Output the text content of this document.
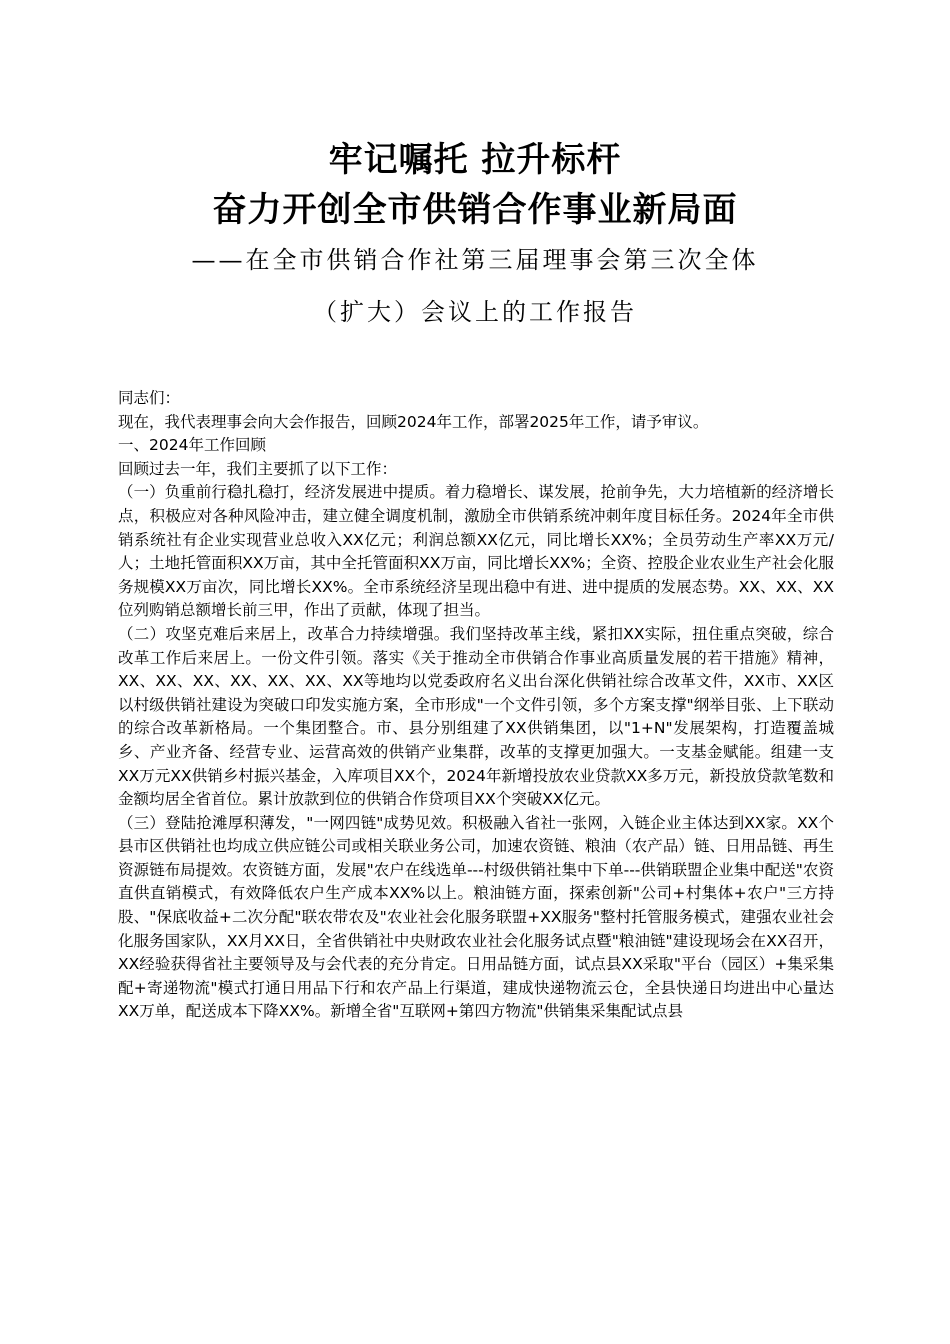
牢记嘱托 拉升标杆
奋力开创全市供销合作事业新局面
——在全市供销合作社第三届理事会第三次全体
（扩大）会议上的工作报告

同志们：

现在，我代表理事会向大会作报告，回顾2024年工作，部署2025年工作，请予审议。

一、2024年工作回顾

回顾过去一年，我们主要抓了以下工作：

（一）负重前行稳扎稳打，经济发展进中提质。着力稳增长、谋发展，抢前争先，大力培植新的经济增长点，积极应对各种风险冲击，建立健全调度机制，激励全市供销系统冲刺年度目标任务。2024年全市供销系统社有企业实现营业总收入XX亿元；利润总额XX亿元，同比增长XX%；全员劳动生产率XX万元/人；土地托管面积XX万亩，其中全托管面积XX万亩，同比增长XX%；全资、控股企业农业生产社会化服务规模XX万亩次，同比增长XX%。全市系统经济呈现出稳中有进、进中提质的发展态势。XX、XX、XX位列购销总额增长前三甲，作出了贡献，体现了担当。

（二）攻坚克难后来居上，改革合力持续增强。我们坚持改革主线，紧扣XX实际，扭住重点突破，综合改革工作后来居上。一份文件引领。落实《关于推动全市供销合作事业高质量发展的若干措施》精神，XX、XX、XX、XX、XX、XX、XX等地均以党委政府名义出台深化供销社综合改革文件，XX市、XX区以村级供销社建设为突破口印发实施方案，全市形成"一个文件引领，多个方案支撑"纲举目张、上下联动的综合改革新格局。一个集团整合。市、县分别组建了XX供销集团，以"1+N"发展架构，打造覆盖城乡、产业齐备、经营专业、运营高效的供销产业集群，改革的支撑更加强大。一支基金赋能。组建一支XX万元XX供销乡村振兴基金，入库项目XX个，2024年新增投放农业贷款XX多万元，新投放贷款笔数和金额均居全省首位。累计放款到位的供销合作贷项目XX个突破XX亿元。

（三）登陆抢滩厚积薄发，"一网四链"成势见效。积极融入省社一张网，入链企业主体达到XX家。XX个县市区供销社也均成立供应链公司或相关联业务公司，加速农资链、粮油（农产品）链、日用品链、再生资源链布局提效。农资链方面，发展"农户在线选单---村级供销社集中下单---供销联盟企业集中配送"农资直供直销模式，有效降低农户生产成本XX%以上。粮油链方面，探索创新"公司+村集体+农户"三方持股、"保底收益+二次分配"联农带农及"农业社会化服务联盟+XX服务"整村托管服务模式，建强农业社会化服务国家队，XX月XX日，全省供销社中央财政农业社会化服务试点暨"粮油链"建设现场会在XX召开，XX经验获得省社主要领导及与会代表的充分肯定。日用品链方面，试点县XX采取"平台（园区）+集采集配+寄递物流"模式打通日用品下行和农产品上行渠道，建成快递物流云仓，全县快递日均进出中心量达XX万单，配送成本下降XX%。新增全省"互联网+第四方物流"供销集采集配试点县
